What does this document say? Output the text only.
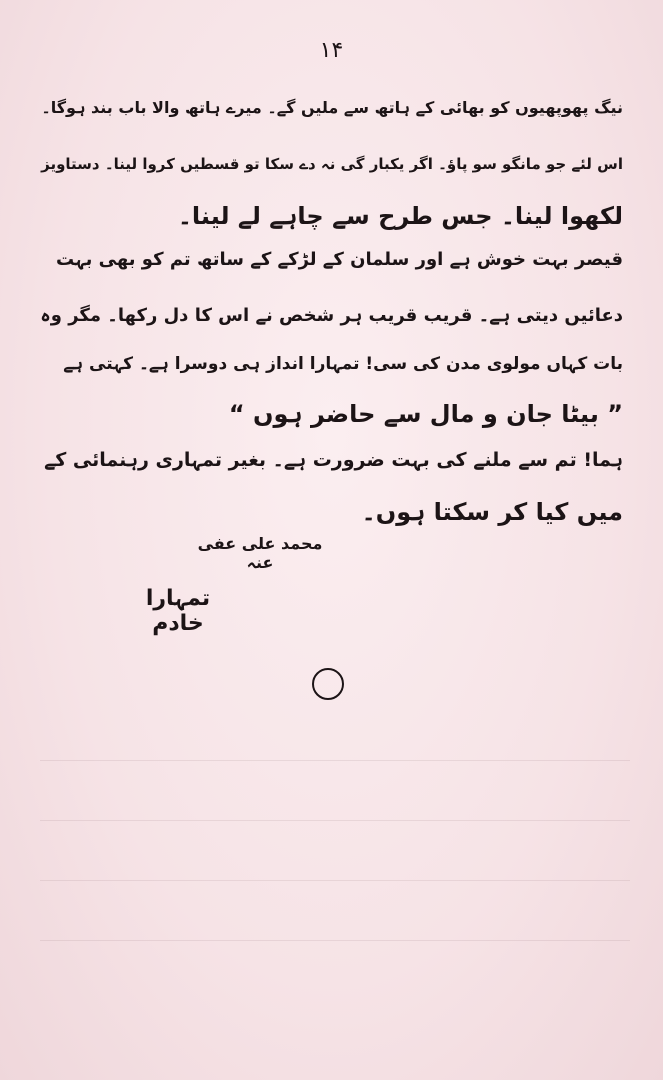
۱۴
نیگ پھوپھیوں کو بھائی کے ہاتھ سے ملیں گے۔ میرے ہاتھ والا باب بند ہوگا۔
اس لئے جو مانگو سو پاؤ۔ اگر یکبار گی نہ دے سکا تو قسطیں کروا لینا۔ دستاویز
لکھوا لینا۔ جس طرح سے چاہے لے لینا۔
قیصر بہت خوش ہے اور سلمان کے لڑکے کے ساتھ تم کو بھی بہت
دعائیں دیتی ہے۔ قریب قریب ہر شخص نے اس کا دل رکھا۔ مگر وہ
بات کہاں مولوی مدن کی سی! تمہارا انداز ہی دوسرا ہے۔ کہتی ہے
” بیٹا جان و مال سے حاضر ہوں “
ہما! تم سے ملنے کی بہت ضرورت ہے۔ بغیر تمہاری رہنمائی کے
میں کیا کر سکتا ہوں۔
محمد علی عفی عنہ
تمہارا خادم
